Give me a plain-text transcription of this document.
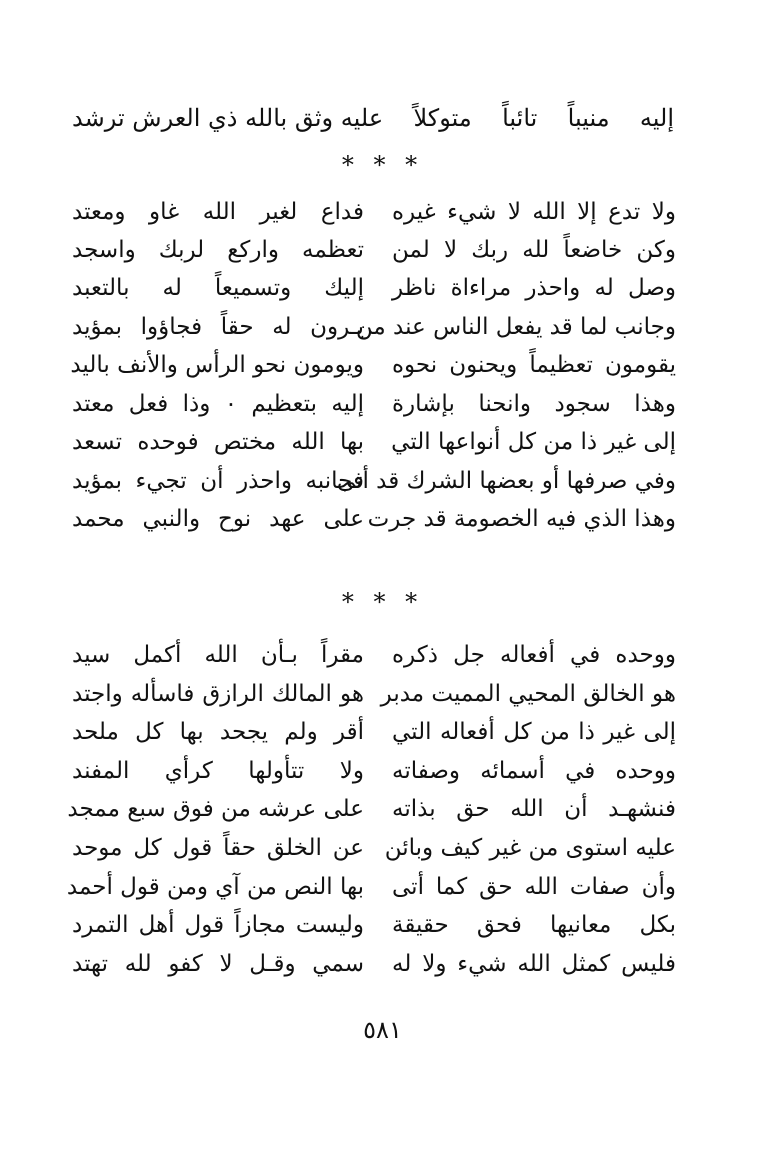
إليه
منيباً
تائباً
متوكلاً
عليه وثق بالله ذي العرش ترشد
* * *
ولا تدع إلا الله لا شيء غيره
فداع لغير الله غاو ومعتد
وكن خاضعاً لله ربك لا لمن
تعظمه واركع لربك واسجد
وصل له واحذر مراءاة ناظر
إليك وتسميعاً له بالتعبد
وجانب لما قد يفعل الناس عند من
يـرون له حقاً فجاؤوا بمؤيد
يقومون تعظيماً ويحنون نحوه
ويومون نحو الرأس والأنف باليد
وهذا سجود وانحنا بإشارة
إليه بتعظيم ٠ وذا فعل معتد
إلى غير ذا من كل أنواعها التي
بها الله مختص فوحده تسعد
وفي صرفها أو بعضها الشرك قد أتى
فجانبه واحذر أن تجيء بمؤيد
وهذا الذي فيه الخصومة قد جرت
على عهد نوح والنبي محمد
* * *
ووحده في أفعاله جل ذكره
مقراً بـأن الله أكمل سيد
هو الخالق المحيي المميت مدبر
هو المالك الرازق فاسأله واجتد
إلى غير ذا من كل أفعاله التي
أقر ولم يجحد بها كل ملحد
ووحده في أسمائه وصفاته
ولا تتأولها كرأي المفند
فنشهـد أن الله حق بذاته
على عرشه من فوق سبع ممجد
عليه استوى من غير كيف وبائن
عن الخلق حقاً قول كل موحد
وأن صفات الله حق كما أتى
بها النص من آي ومن قول أحمد
بكل معانيها فحق حقيقة
وليست مجازاً قول أهل التمرد
فليس كمثل الله شيء ولا له
سمي وقـل لا كفو لله تهتد
٥٨١
